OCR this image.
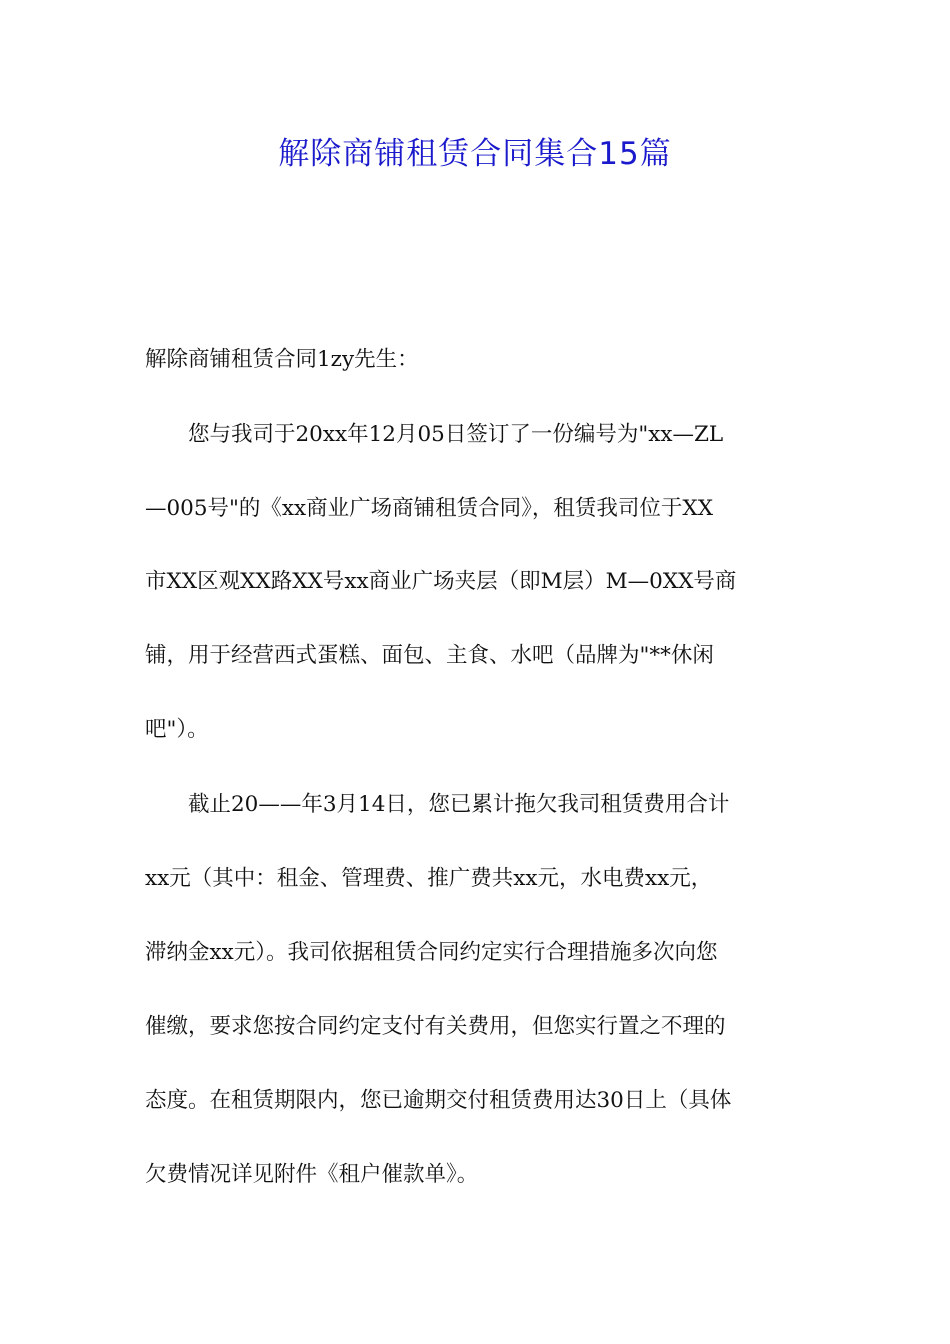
解除商铺租赁合同集合15篇
解除商铺租赁合同1zy先生：
　　您与我司于20xx年12月05日签订了一份编号为"xx—ZL
—005号"的《xx商业广场商铺租赁合同》，租赁我司位于XX
市XX区观XX路XX号xx商业广场夹层（即M层）M—0XX号商
铺，用于经营西式蛋糕、面包、主食、水吧（品牌为"**休闲
吧"）。
　　截止20——年3月14日，您已累计拖欠我司租赁费用合计
xx元（其中：租金、管理费、推广费共xx元，水电费xx元，
滞纳金xx元）。我司依据租赁合同约定实行合理措施多次向您
催缴，要求您按合同约定支付有关费用，但您实行置之不理的
态度。在租赁期限内，您已逾期交付租赁费用达30日上（具体
欠费情况详见附件《租户催款单》。
